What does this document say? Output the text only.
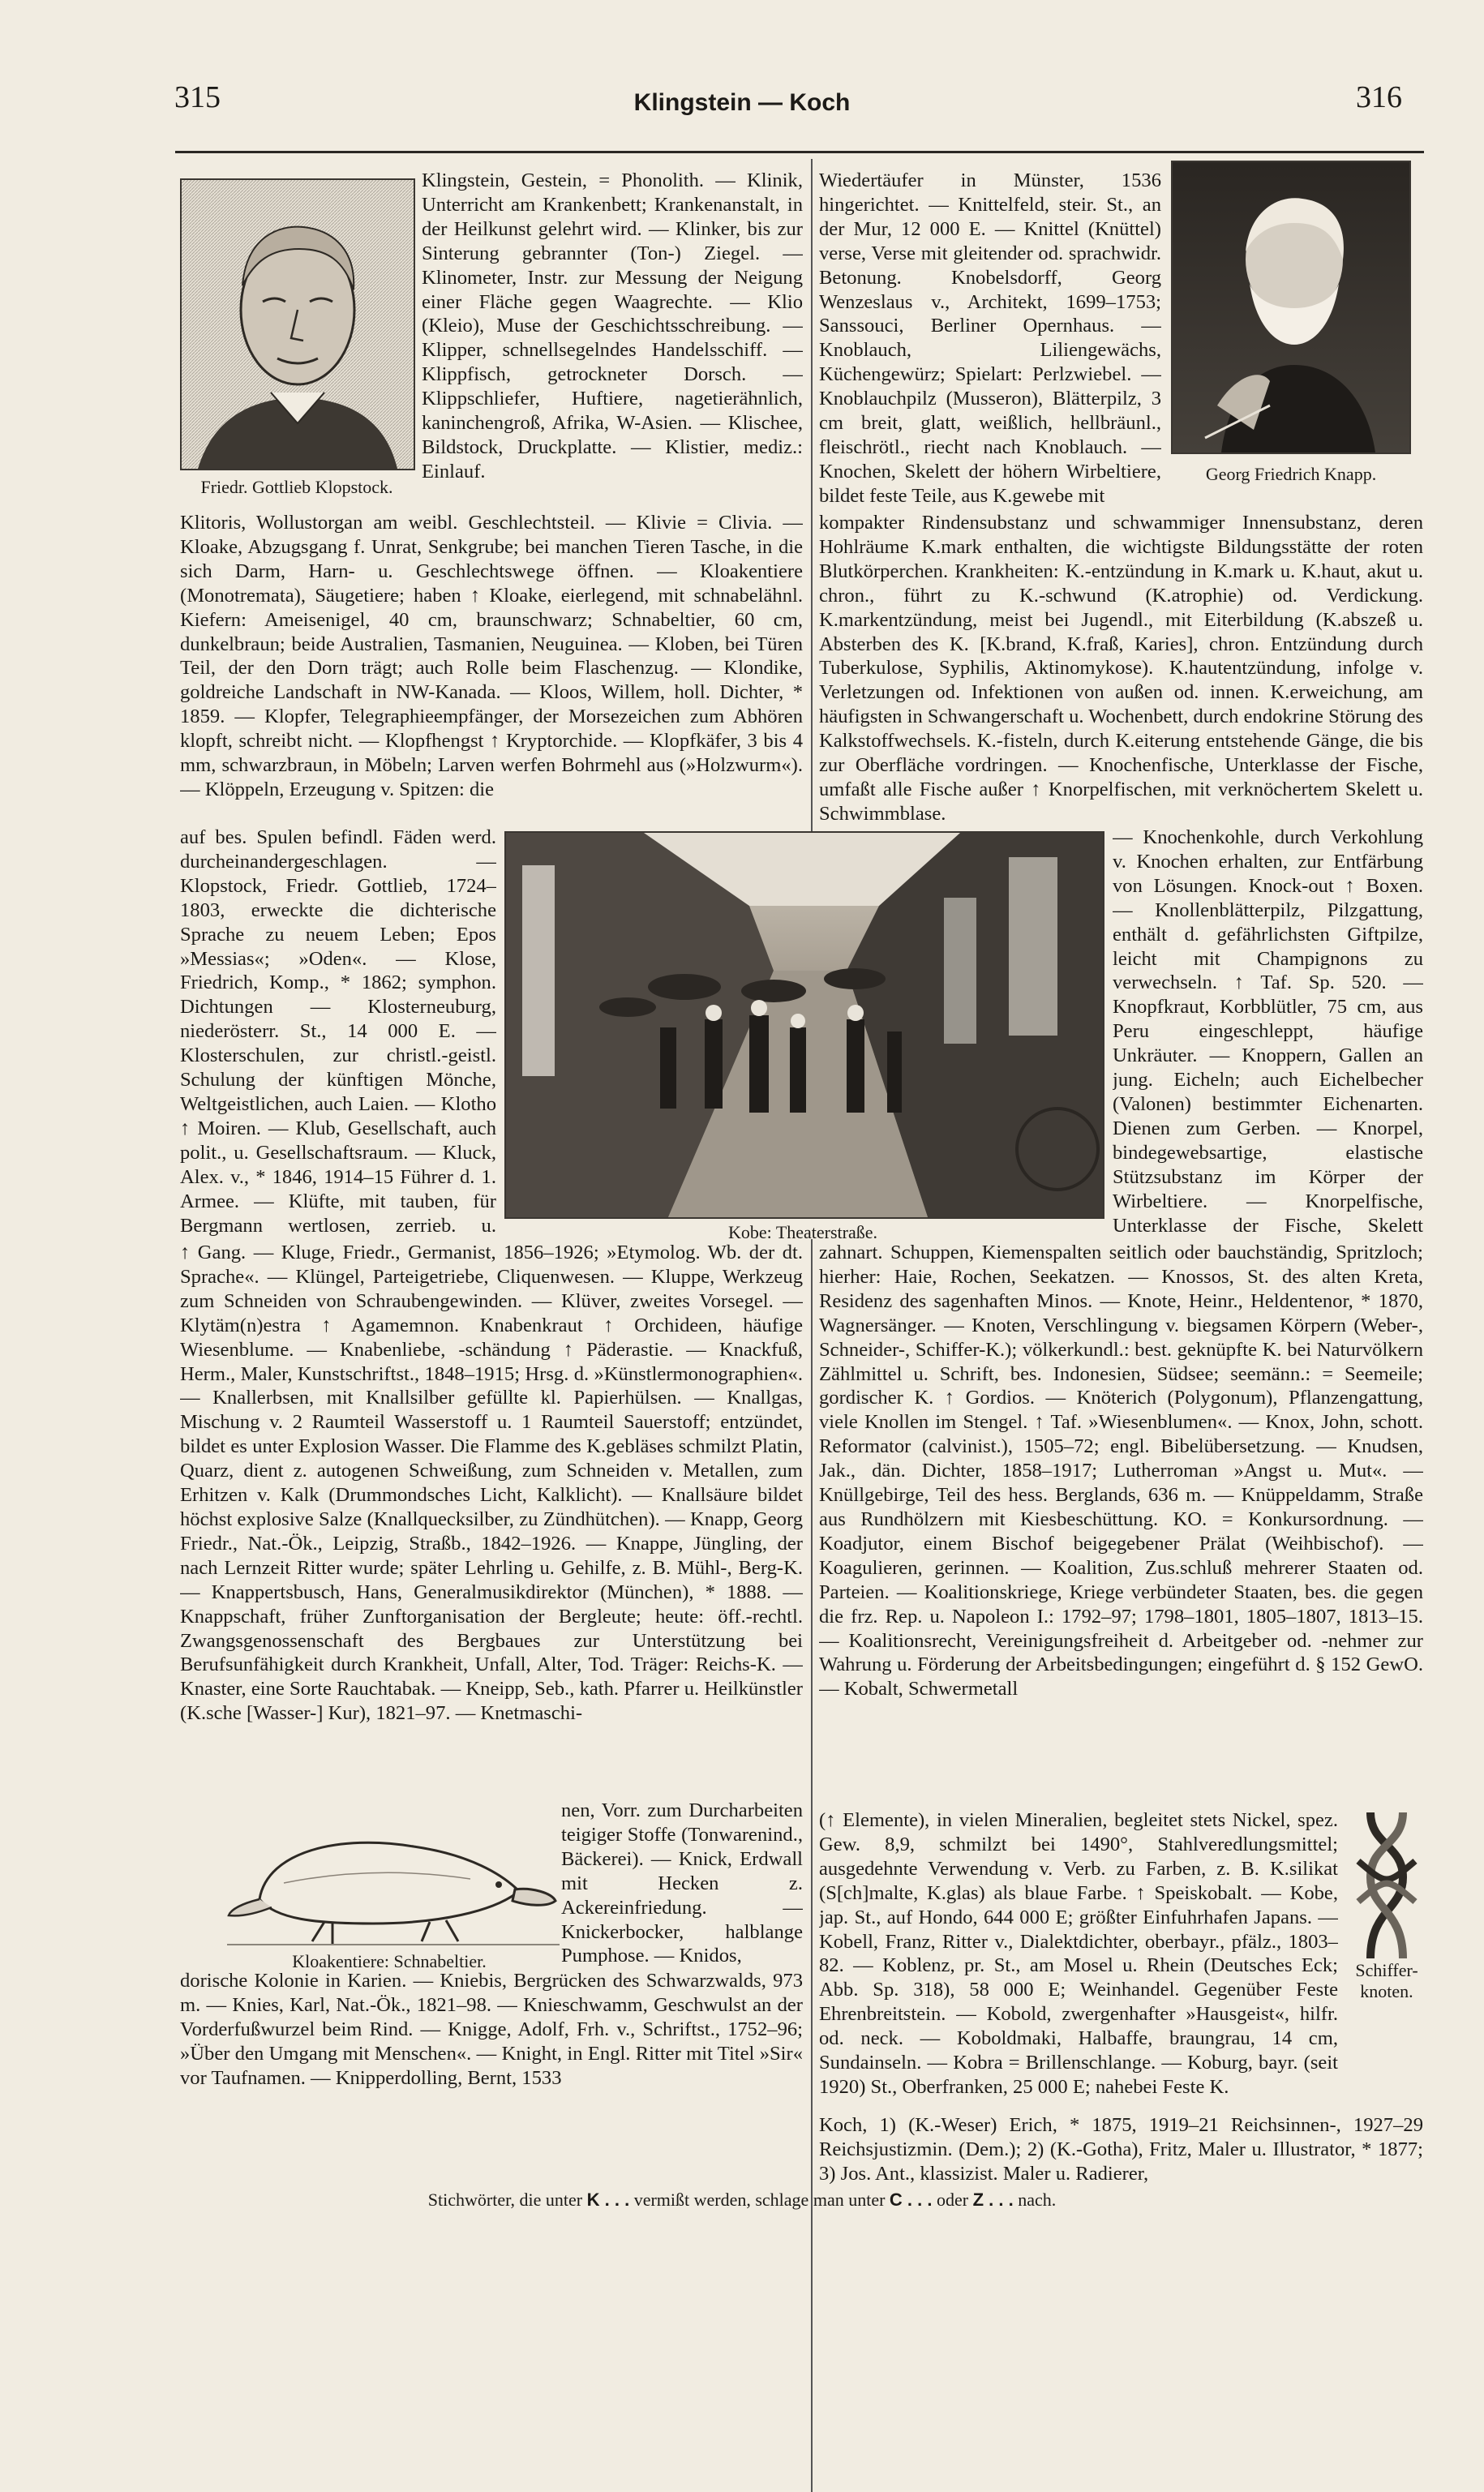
315	Klingstein — Koch	316
Friedr. Gottlieb Klopstock.
Georg Friedrich Knapp.

Klingstein, Gestein, = Phonolith. — Klinik, Unterricht am Krankenbett; Krankenanstalt, in der Heilkunst gelehrt wird. — Klinker, bis zur Sinterung gebrannter (Ton-) Ziegel. — Klinometer, Instr. zur Messung der Neigung einer Fläche gegen Waagrechte. — Klio (Kleio), Muse der Geschichtsschreibung. — Klipper, schnellsegelndes Handelsschiff. — Klippfisch, getrockneter Dorsch. — Klippschliefer, Huftiere, nagetierähnlich, kaninchengroß, Afrika, W-Asien. — Klischee, Bildstock, Druckplatte. — Klistier, mediz.: Einlauf.

Wiedertäufer in Münster, 1536 hingerichtet. — Knittelfeld, steir. St., an der Mur, 12 000 E. — Knittel (Knüttel) verse, Verse mit gleitender od. sprachwidr. Betonung. Knobelsdorff, Georg Wenzeslaus v., Architekt, 1699–1753; Sanssouci, Berliner Opernhaus. — Knoblauch, Liliengewächs, Küchengewürz; Spielart: Perlzwiebel. — Knoblauchpilz (Musseron), Blätterpilz, 3 cm breit, glatt, weißlich, hellbräunl., fleischrötl., riecht nach Knoblauch. — Knochen, Skelett der höhern Wirbeltiere, bildet feste Teile, aus K.gewebe mit

Klitoris, Wollustorgan am weibl. Geschlechtsteil. — Klivie = Clivia. — Kloake, Abzugsgang f. Unrat, Senkgrube; bei manchen Tieren Tasche, in die sich Darm, Harn- u. Geschlechtswege öffnen. — Kloakentiere (Monotremata), Säugetiere; haben ↑ Kloake, eierlegend, mit schnabelähnl. Kiefern: Ameisenigel, 40 cm, braunschwarz; Schnabeltier, 60 cm, dunkelbraun; beide Australien, Tasmanien, Neuguinea. — Kloben, bei Türen Teil, der den Dorn trägt; auch Rolle beim Flaschenzug. — Klondike, goldreiche Landschaft in NW-Kanada. — Kloos, Willem, holl. Dichter, * 1859. — Klopfer, Telegraphieempfänger, der Morsezeichen zum Abhören klopft, schreibt nicht. — Klopfhengst ↑ Kryptorchide. — Klopfkäfer, 3 bis 4 mm, schwarzbraun, in Möbeln; Larven werfen Bohrmehl aus (»Holzwurm«). — Klöppeln, Erzeugung v. Spitzen: die

kompakter Rindensubstanz und schwammiger Innensubstanz, deren Hohlräume K.mark enthalten, die wichtigste Bildungsstätte der roten Blutkörperchen. Krankheiten: K.-entzündung in K.mark u. K.haut, akut u. chron., führt zu K.-schwund (K.atrophie) od. Verdickung. K.markentzündung, meist bei Jugendl., mit Eiterbildung (K.abszeß u. Absterben des K. [K.brand, K.fraß, Karies], chron. Entzündung durch Tuberkulose, Syphilis, Aktinomykose). K.hautentzündung, infolge v. Verletzungen od. Infektionen von außen od. innen. K.erweichung, am häufigsten in Schwangerschaft u. Wochenbett, durch endokrine Störung des Kalkstoffwechsels. K.-fisteln, durch K.eiterung entstehende Gänge, die bis zur Oberfläche vordringen. — Knochenfische, Unterklasse der Fische, umfaßt alle Fische außer ↑ Knorpelfischen, mit verknöchertem Skelett u. Schwimmblase.

Kobe: Theaterstraße.

auf bes. Spulen befindl. Fäden werd. durcheinandergeschlagen. — Klopstock, Friedr. Gottlieb, 1724–1803, erweckte die dichterische Sprache zu neuem Leben; Epos »Messias«; »Oden«. — Klose, Friedrich, Komp., * 1862; symphon. Dichtungen — Klosterneuburg, niederösterr. St., 14 000 E. — Klosterschulen, zur christl.-geistl. Schulung der künftigen Mönche, Weltgeistlichen, auch Laien. — Klotho ↑ Moiren. — Klub, Gesellschaft, auch polit., u. Gesellschaftsraum. — Kluck, Alex. v., * 1846, 1914–15 Führer d. 1. Armee. — Klüfte, mit tauben, für Bergmann wertlosen, zerrieb. u.

— Knochenkohle, durch Verkohlung v. Knochen erhalten, zur Entfärbung von Lösungen. Knock-out ↑ Boxen. — Knollenblätterpilz, Pilzgattung, enthält d. gefährlichsten Giftpilze, leicht mit Champignons zu verwechseln. ↑ Taf. Sp. 520. — Knopfkraut, Korbblütler, 75 cm, aus Peru eingeschleppt, häufige Unkräuter. — Knoppern, Gallen an jung. Eicheln; auch Eichelbecher (Valonen) bestimmter Eichenarten. Dienen zum Gerben. — Knorpel, bindegewebsartige, elastische Stützsubstanz im Körper der Wirbeltiere. — Knorpelfische, Unterklasse der Fische, Skelett

↑ Gang. — Kluge, Friedr., Germanist, 1856–1926; »Etymolog. Wb. der dt. Sprache«. — Klüngel, Parteigetriebe, Cliquenwesen. — Kluppe, Werkzeug zum Schneiden von Schraubengewinden. — Klüver, zweites Vorsegel. — Klytäm(n)estra ↑ Agamemnon. Knabenkraut ↑ Orchideen, häufige Wiesenblume. — Knabenliebe, -schändung ↑ Päderastie. — Knackfuß, Herm., Maler, Kunstschriftst., 1848–1915; Hrsg. d. »Künstlermonographien«. — Knallerbsen, mit Knallsilber gefüllte kl. Papierhülsen. — Knallgas, Mischung v. 2 Raumteil Wasserstoff u. 1 Raumteil Sauerstoff; entzündet, bildet es unter Explosion Wasser. Die Flamme des K.gebläses schmilzt Platin, Quarz, dient z. autogenen Schweißung, zum Schneiden v. Metallen, zum Erhitzen v. Kalk (Drummondsches Licht, Kalklicht). — Knallsäure bildet höchst explosive Salze (Knallquecksilber, zu Zündhütchen). — Knapp, Georg Friedr., Nat.-Ök., Leipzig, Straßb., 1842–1926. — Knappe, Jüngling, der nach Lernzeit Ritter wurde; später Lehrling u. Gehilfe, z. B. Mühl-, Berg-K. — Knappertsbusch, Hans, Generalmusikdirektor (München), * 1888. — Knappschaft, früher Zunftorganisation der Bergleute; heute: öff.-rechtl. Zwangsgenossenschaft des Bergbaues zur Unterstützung bei Berufsunfähigkeit durch Krankheit, Unfall, Alter, Tod. Träger: Reichs-K. — Knaster, eine Sorte Rauchtabak. — Kneipp, Seb., kath. Pfarrer u. Heilkünstler (K.sche [Wasser-] Kur), 1821–97. — Knetmaschi-

Kloakentiere: Schnabeltier.

nen, Vorr. zum Durcharbeiten teigiger Stoffe (Tonwarenind., Bäckerei). — Knick, Erdwall mit Hecken z. Ackereinfriedung. — Knickerbocker, halblange Pumphose. — Knidos,

dorische Kolonie in Karien. — Kniebis, Bergrücken des Schwarzwalds, 973 m. — Knies, Karl, Nat.-Ök., 1821–98. — Knieschwamm, Geschwulst an der Vorderfußwurzel beim Rind. — Knigge, Adolf, Frh. v., Schriftst., 1752–96; »Über den Umgang mit Menschen«. — Knight, in Engl. Ritter mit Titel »Sir« vor Taufnamen. — Knipperdolling, Bernt, 1533

zahnart. Schuppen, Kiemenspalten seitlich oder bauchständig, Spritzloch; hierher: Haie, Rochen, Seekatzen. — Knossos, St. des alten Kreta, Residenz des sagenhaften Minos. — Knote, Heinr., Heldentenor, * 1870, Wagnersänger. — Knoten, Verschlingung v. biegsamen Körpern (Weber-, Schneider-, Schiffer-K.); völkerkundl.: best. geknüpfte K. bei Naturvölkern Zählmittel u. Schrift, bes. Indonesien, Südsee; seemänn.: = Seemeile; gordischer K. ↑ Gordios. — Knöterich (Polygonum), Pflanzengattung, viele Knollen im Stengel. ↑ Taf. »Wiesenblumen«. — Knox, John, schott. Reformator (calvinist.), 1505–72; engl. Bibelübersetzung. — Knudsen, Jak., dän. Dichter, 1858–1917; Lutherroman »Angst u. Mut«. — Knüllgebirge, Teil des hess. Berglands, 636 m. — Knüppeldamm, Straße aus Rundhölzern mit Kiesbeschüttung. KO. = Konkursordnung. — Koadjutor, einem Bischof beigegebener Prälat (Weihbischof). — Koagulieren, gerinnen. — Koalition, Zus.schluß mehrerer Staaten od. Parteien. — Koalitionskriege, Kriege verbündeter Staaten, bes. die gegen die frz. Rep. u. Napoleon I.: 1792–97; 1798–1801, 1805–1807, 1813–15. — Koalitionsrecht, Vereinigungsfreiheit d. Arbeitgeber od. -nehmer zur Wahrung u. Förderung der Arbeitsbedingungen; eingeführt d. § 152 GewO. — Kobalt, Schwermetall

Schiffer-
knoten.

(↑ Elemente), in vielen Mineralien, begleitet stets Nickel, spez. Gew. 8,9, schmilzt bei 1490°, Stahlveredlungsmittel; ausgedehnte Verwendung v. Verb. zu Farben, z. B. K.silikat (S[ch]malte, K.glas) als blaue Farbe. ↑ Speiskobalt. — Kobe, jap. St., auf Hondo, 644 000 E; größter Einfuhrhafen Japans. — Kobell, Franz, Ritter v., Dialektdichter, oberbayr., pfälz., 1803–82. — Koblenz, pr. St., am Mosel u. Rhein (Deutsches Eck; Abb. Sp. 318), 58 000 E; Weinhandel. Gegenüber Feste Ehrenbreitstein. — Kobold, zwergenhafter »Hausgeist«, hilfr. od. neck. — Koboldmaki, Halbaffe, braungrau, 14 cm, Sundainseln. — Kobra = Brillenschlange. — Koburg, bayr. (seit 1920) St., Oberfranken, 25 000 E; nahebei Feste K.

Koch, 1) (K.-Weser) Erich, * 1875, 1919–21 Reichsinnen-, 1927–29 Reichsjustizmin. (Dem.); 2) (K.-Gotha), Fritz, Maler u. Illustrator, * 1877; 3) Jos. Ant., klassizist. Maler u. Radierer,

Stichwörter, die unter K . . . vermißt werden, schlage man unter C . . . oder Z . . . nach.
